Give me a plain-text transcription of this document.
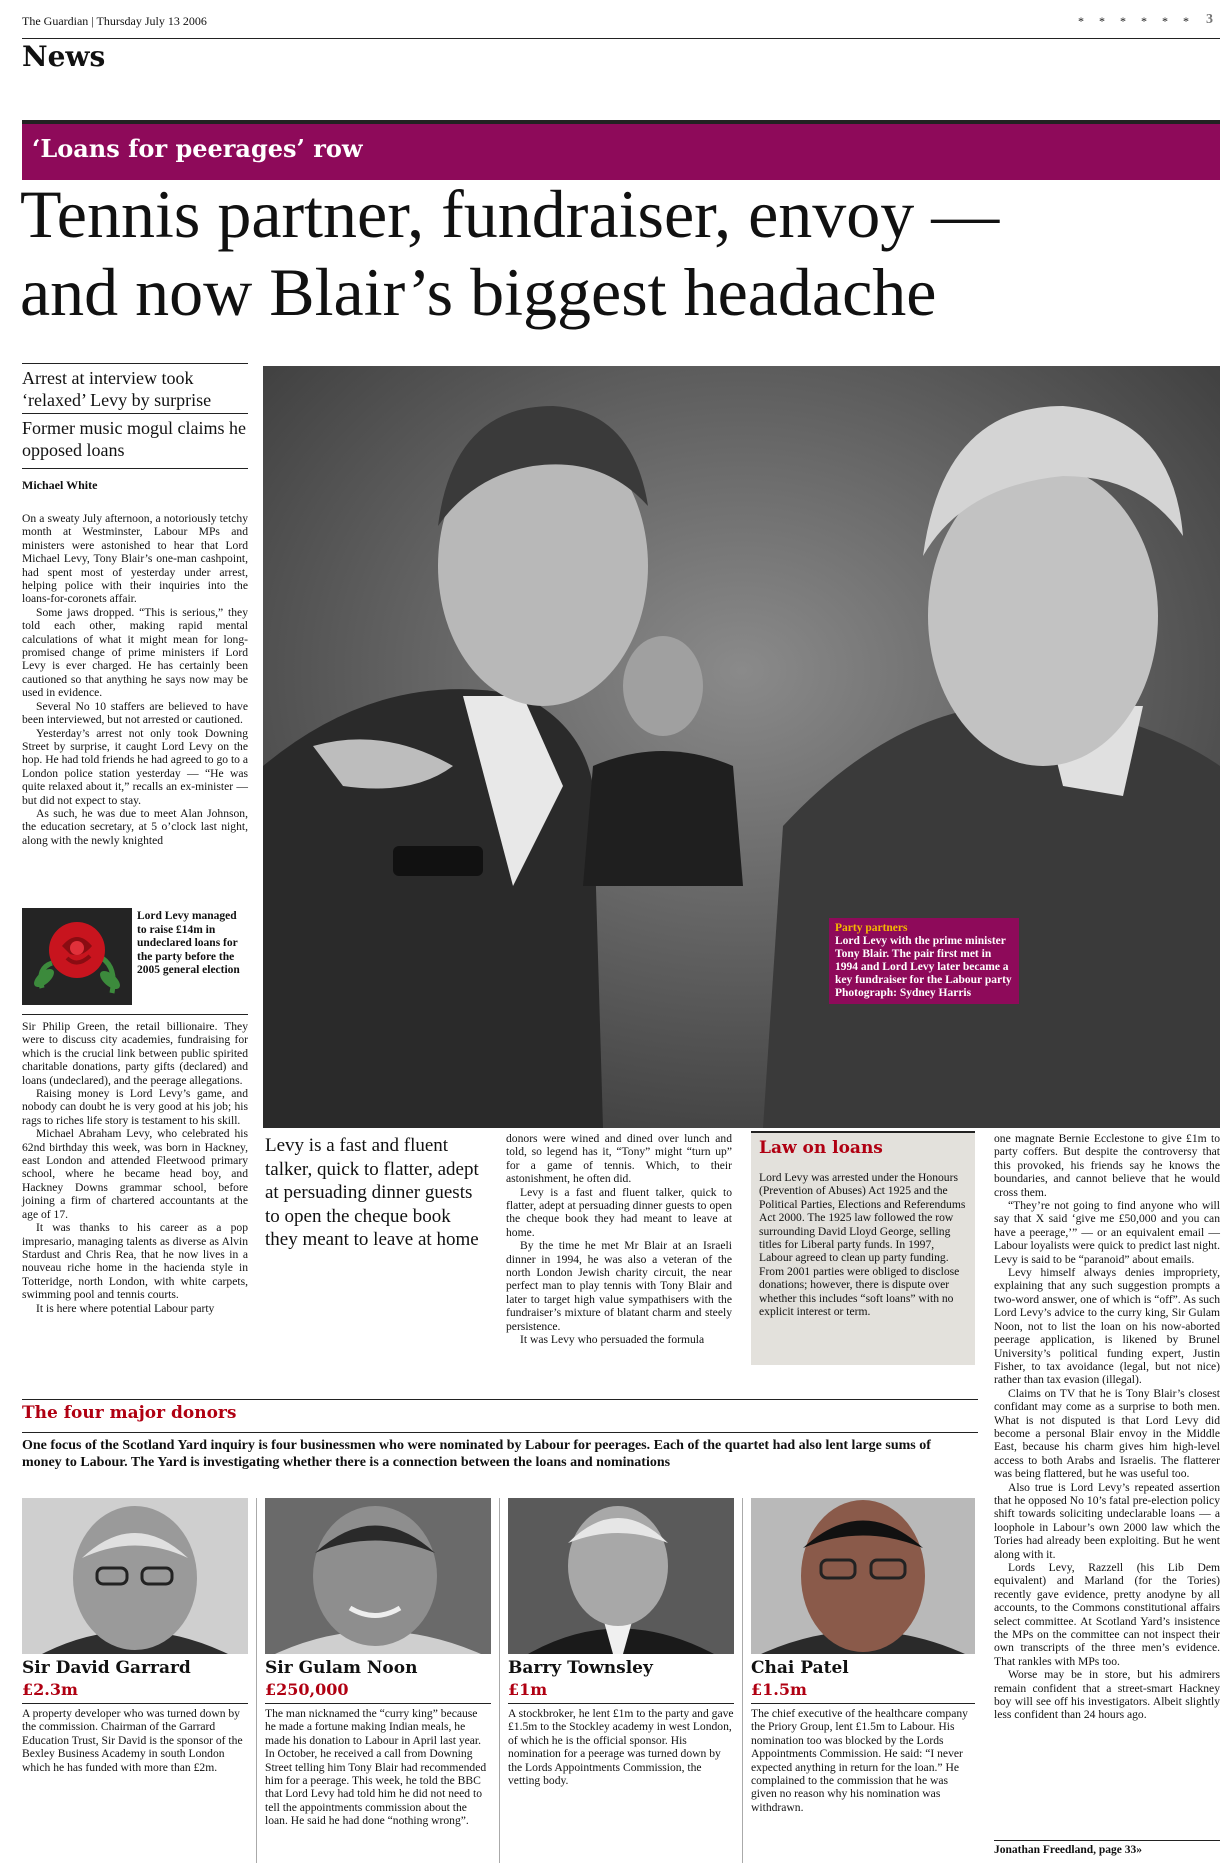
The Guardian | Thursday July 13 2006	* * * * * * 3
News
‘Loans for peerages’ row
Tennis partner, fundraiser, envoy —
and now Blair’s biggest headache
Arrest at interview took ‘relaxed’ Levy by surprise
Former music mogul claims he opposed loans
Michael White

On a sweaty July afternoon, a notoriously tetchy month at Westminster, Labour MPs and ministers were astonished to hear that Lord Michael Levy, Tony Blair’s one-man cashpoint, had spent most of yesterday under arrest, helping police with their inquiries into the loans-for-coronets affair.

Some jaws dropped. “This is serious,” they told each other, making rapid mental calculations of what it might mean for long-promised change of prime ministers if Lord Levy is ever charged. He has certainly been cautioned so that anything he says now may be used in evidence.

Several No 10 staffers are believed to have been interviewed, but not arrested or cautioned.

Yesterday’s arrest not only took Downing Street by surprise, it caught Lord Levy on the hop. He had told friends he had agreed to go to a London police station yesterday — “He was quite relaxed about it,” recalls an ex-minister —but did not expect to stay.

As such, he was due to meet Alan Johnson, the education secretary, at 5 o’clock last night, along with the newly knighted

Lord Levy managed to raise £14m in undeclared loans for the party before the 2005 general election

Sir Philip Green, the retail billionaire. They were to discuss city academies, fundraising for which is the crucial link between public spirited charitable donations, party gifts (declared) and loans (undeclared), and the peerage allegations.

Raising money is Lord Levy’s game, and nobody can doubt he is very good at his job; his rags to riches life story is testament to his skill.

Michael Abraham Levy, who celebrated his 62nd birthday this week, was born in Hackney, east London and attended Fleetwood primary school, where he became head boy, and Hackney Downs grammar school, before joining a firm of chartered accountants at the age of 17.

It was thanks to his career as a pop impresario, managing talents as diverse as Alvin Stardust and Chris Rea, that he now lives in a nouveau riche home in the hacienda style in Totteridge, north London, with white carpets, swimming pool and tennis courts.

It is here where potential Labour party

Party partners
Lord Levy with the prime minister Tony Blair. The pair first met in 1994 and Lord Levy later became a key fundraiser for the Labour party
Photograph: Sydney Harris
Levy is a fast and fluent talker, quick to flatter, adept at persuading dinner guests to open the cheque book they meant to leave at home

donors were wined and dined over lunch and told, so legend has it, “Tony” might “turn up” for a game of tennis. Which, to their astonishment, he often did.

Levy is a fast and fluent talker, quick to flatter, adept at persuading dinner guests to open the cheque book they had meant to leave at home.

By the time he met Mr Blair at an Israeli dinner in 1994, he was also a veteran of the north London Jewish charity circuit, the near perfect man to play tennis with Tony Blair and later to target high value sympathisers with the fundraiser’s mixture of blatant charm and steely persistence.

It was Levy who persuaded the formula

Law on loans
Lord Levy was arrested under the Honours (Prevention of Abuses) Act 1925 and the Political Parties, Elections and Referendums Act 2000. The 1925 law followed the row surrounding David Lloyd George, selling titles for Liberal party funds. In 1997, Labour agreed to clean up party funding. From 2001 parties were obliged to disclose donations; however, there is dispute over whether this includes “soft loans” with no explicit interest or term.

one magnate Bernie Ecclestone to give £1m to party coffers. But despite the controversy that this provoked, his friends say he knows the boundaries, and cannot believe that he would cross them.

“They’re not going to find anyone who will say that X said ‘give me £50,000 and you can have a peerage,’” — or an equivalent email — Labour loyalists were quick to predict last night. Levy is said to be “paranoid” about emails.

Levy himself always denies impropriety, explaining that any such suggestion prompts a two-word answer, one of which is “off”. As such Lord Levy’s advice to the curry king, Sir Gulam Noon, not to list the loan on his now-aborted peerage application, is likened by Brunel University’s political funding expert, Justin Fisher, to tax avoidance (legal, but not nice) rather than tax evasion (illegal).

Claims on TV that he is Tony Blair’s closest confidant may come as a surprise to both men. What is not disputed is that Lord Levy did become a personal Blair envoy in the Middle East, because his charm gives him high-level access to both Arabs and Israelis. The flatterer was being flattered, but he was useful too.

Also true is Lord Levy’s repeated assertion that he opposed No 10’s fatal pre-election policy shift towards soliciting undeclarable loans — a loophole in Labour’s own 2000 law which the Tories had already been exploiting. But he went along with it.

Lords Levy, Razzell (his Lib Dem equivalent) and Marland (for the Tories) recently gave evidence, pretty anodyne by all accounts, to the Commons constitutional affairs select committee. At Scotland Yard’s insistence the MPs on the committee can not inspect their own transcripts of the three men’s evidence. That rankles with MPs too.

Worse may be in store, but his admirers remain confident that a street-smart Hackney boy will see off his investigators. Albeit slightly less confident than 24 hours ago.

Jonathan Freedland, page 33»
The four major donors
One focus of the Scotland Yard inquiry is four businessmen who were nominated by Labour for peerages. Each of the quartet had also lent large sums of money to Labour. The Yard is investigating whether there is a connection between the loans and nominations
Sir David Garrard
£2.3m
A property developer who was turned down by the commission. Chairman of the Garrard Education Trust, Sir David is the sponsor of the Bexley Business Academy in south London which he has funded with more than £2m.
Sir Gulam Noon
£250,000
The man nicknamed the “curry king” because he made a fortune making Indian meals, he made his donation to Labour in April last year. In October, he received a call from Downing Street telling him Tony Blair had recommended him for a peerage. This week, he told the BBC that Lord Levy had told him he did not need to tell the appointments commission about the loan. He said he had done “nothing wrong”.
Barry Townsley
£1m
A stockbroker, he lent £1m to the party and gave £1.5m to the Stockley academy in west London, of which he is the official sponsor. His nomination for a peerage was turned down by the Lords Appointments Commission, the vetting body.
Chai Patel
£1.5m
The chief executive of the healthcare company the Priory Group, lent £1.5m to Labour. His nomination too was blocked by the Lords Appointments Commission. He said: “I never expected anything in return for the loan.” He complained to the commission that he was given no reason why his nomination was withdrawn.
